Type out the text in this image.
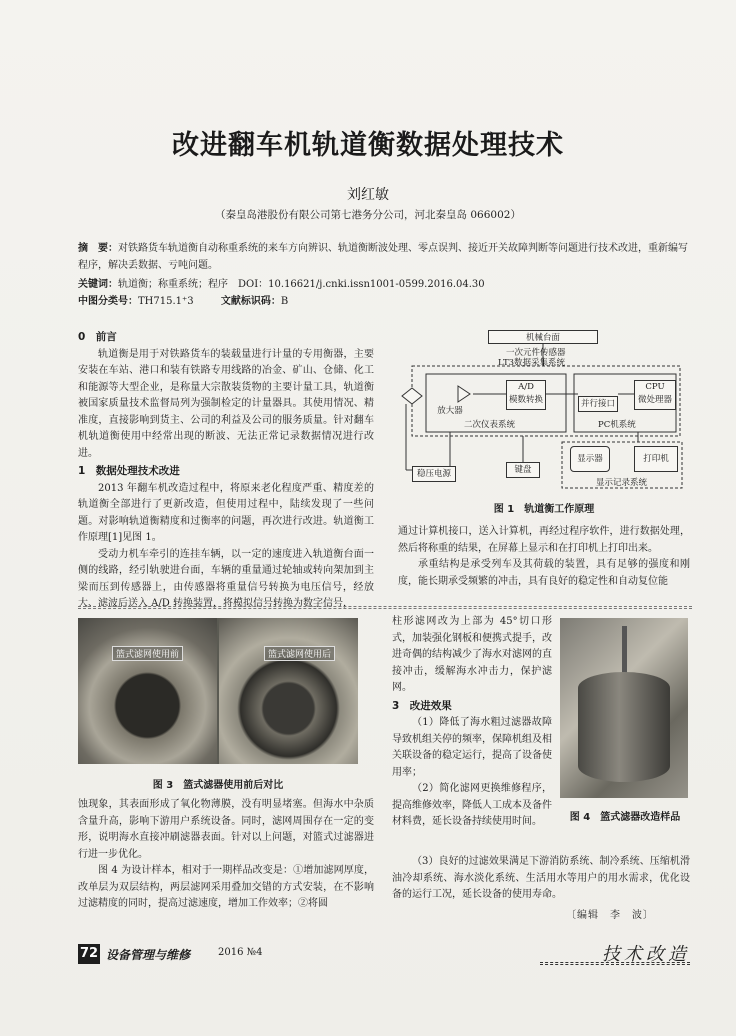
改进翻车机轨道衡数据处理技术
刘红敏
（秦皇岛港股份有限公司第七港务分公司，河北秦皇岛 066002）
摘　要：对铁路货车轨道衡自动称重系统的来车方向辨识、轨道衡断波处理、零点误判、接近开关故障判断等问题进行技术改进，重新编写程序，解决丢数据、亏吨问题。
关键词：轨道衡；称重系统；程序　DOI：10.16621/j.cnki.issn1001-0599.2016.04.30
中图分类号：TH715.1⁺3	文献标识码：B
0　前言

轨道衡是用于对铁路货车的装载量进行计量的专用衡器，主要安装在车站、港口和装有铁路专用线路的冶金、矿山、仓储、化工和能源等大型企业，是称量大宗散装货物的主要计量工具，轨道衡被国家质量技术监督局列为强制检定的计量器具。其使用情况、精准度，直接影响到货主、公司的利益及公司的服务质量。针对翻车机轨道衡使用中经常出现的断波、无法正常记录数据情况进行改进。

1　数据处理技术改进

2013 年翻车机改造过程中，将原来老化程度严重、精度差的轨道衡全部进行了更新改造，但使用过程中，陆续发现了一些问题。对影响轨道衡精度和过衡率的问题，再次进行改进。轨道衡工作原理[1]见图 1。

受动力机车牵引的连挂车辆，以一定的速度进入轨道衡台面一侧的线路，经引轨驶进台面，车辆的重量通过轮轴或转向架加到主梁而压到传感器上，由传感器将重量信号转换为电压信号，经放大、滤波后送入 A/D 转换装置，将模拟信号转换为数字信号，

机械台面
一次元件传感器
LT3数据采集系统
放大器
A/D
模数转换	并行接口
CPU
微处理器
二次仪表系统	PC机系统
稳压电源	键盘
显示器	打印机
显示记录系统
图 1　轨道衡工作原理

通过计算机接口，送入计算机，再经过程序软件，进行数据处理，然后将称重的结果，在屏幕上显示和在打印机上打印出来。

承重结构是承受列车及其荷载的装置，具有足够的强度和刚度，能长期承受频繁的冲击，具有良好的稳定性和自动复位能

篮式滤网使用前	篮式滤网使用后
图 3　篮式滤器使用前后对比

蚀现象，其表面形成了氧化物薄膜，没有明显堵塞。但海水中杂质含量升高，影响下游用户系统设备。同时，滤网周围存在一定的变形，说明海水直接冲刷滤器表面。针对以上问题，对篮式过滤器进行进一步优化。

图 4 为设计样本，相对于一期样品改变是：①增加滤网厚度，改单层为双层结构，两层滤网采用叠加交错的方式安装，在不影响过滤精度的同时，提高过滤速度，增加工作效率；②将圆

柱形滤网改为上部为 45°切口形式，加装强化钢板和便携式提手，改进奇偶的结构减少了海水对滤网的直接冲击，缓解海水冲击力，保护滤网。

3　改进效果

（1）降低了海水粗过滤器故障导致机组关停的频率，保障机组及相关联设备的稳定运行，提高了设备使用率；

（2）简化滤网更换维修程序，提高维修效率，降低人工成本及备件材料费，延长设备持续使用时间。	图 4　篮式滤器改造样品

（3）良好的过滤效果满足下游消防系统、制冷系统、压缩机滑油冷却系统、海水淡化系统、生活用水等用户的用水需求，优化设备的运行工况，延长设备的使用寿命。

〔编辑　李　波〕
72 设备管理与维修	2016 №4	技术改造
